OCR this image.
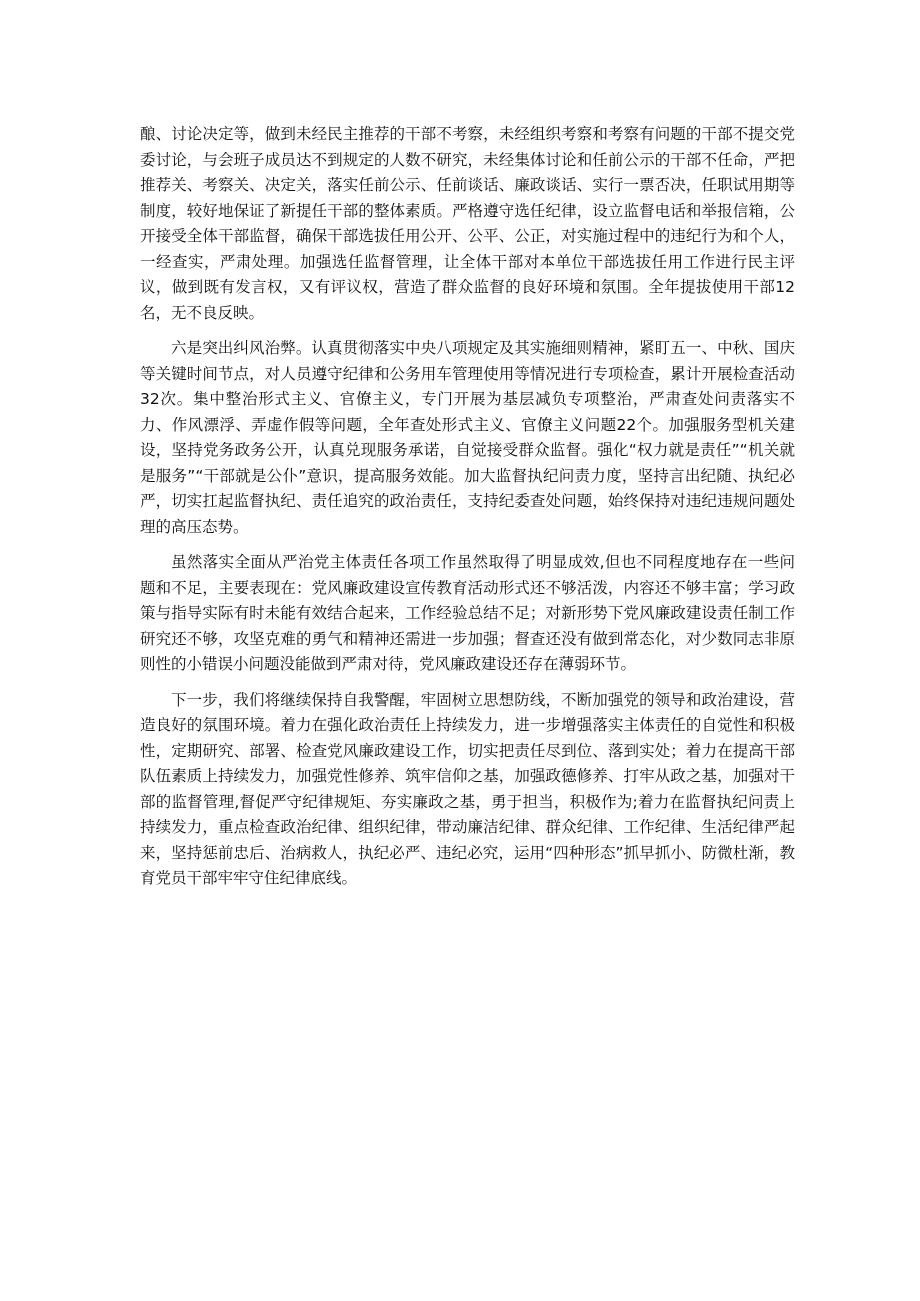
酿、讨论决定等，做到未经民主推荐的干部不考察，未经组织考察和考察有问题的干部不提交党委讨论，与会班子成员达不到规定的人数不研究，未经集体讨论和任前公示的干部不任命，严把推荐关、考察关、决定关，落实任前公示、任前谈话、廉政谈话、实行一票否决，任职试用期等制度，较好地保证了新提任干部的整体素质。严格遵守选任纪律，设立监督电话和举报信箱，公开接受全体干部监督，确保干部选拔任用公开、公平、公正，对实施过程中的违纪行为和个人，一经查实，严肃处理。加强选任监督管理，让全体干部对本单位干部选拔任用工作进行民主评议，做到既有发言权，又有评议权，营造了群众监督的良好环境和氛围。全年提拔使用干部12名，无不良反映。

六是突出纠风治弊。认真贯彻落实中央八项规定及其实施细则精神，紧盯五一、中秋、国庆等关键时间节点，对人员遵守纪律和公务用车管理使用等情况进行专项检查，累计开展检查活动32次。集中整治形式主义、官僚主义，专门开展为基层减负专项整治，严肃查处问责落实不力、作风漂浮、弄虚作假等问题，全年查处形式主义、官僚主义问题22个。加强服务型机关建设，坚持党务政务公开，认真兑现服务承诺，自觉接受群众监督。强化“权力就是责任”“机关就是服务”“干部就是公仆”意识，提高服务效能。加大监督执纪问责力度，坚持言出纪随、执纪必严，切实扛起监督执纪、责任追究的政治责任，支持纪委查处问题，始终保持对违纪违规问题处理的高压态势。

虽然落实全面从严治党主体责任各项工作虽然取得了明显成效,但也不同程度地存在一些问题和不足，主要表现在：党风廉政建设宣传教育活动形式还不够活泼，内容还不够丰富；学习政策与指导实际有时未能有效结合起来，工作经验总结不足；对新形势下党风廉政建设责任制工作研究还不够，攻坚克难的勇气和精神还需进一步加强；督查还没有做到常态化，对少数同志非原则性的小错误小问题没能做到严肃对待，党风廉政建设还存在薄弱环节。

下一步，我们将继续保持自我警醒，牢固树立思想防线，不断加强党的领导和政治建设，营造良好的氛围环境。着力在强化政治责任上持续发力，进一步增强落实主体责任的自觉性和积极性，定期研究、部署、检查党风廉政建设工作，切实把责任尽到位、落到实处；着力在提高干部队伍素质上持续发力，加强党性修养、筑牢信仰之基，加强政德修养、打牢从政之基，加强对干部的监督管理,督促严守纪律规矩、夯实廉政之基，勇于担当，积极作为;着力在监督执纪问责上持续发力，重点检查政治纪律、组织纪律，带动廉洁纪律、群众纪律、工作纪律、生活纪律严起来，坚持惩前忠后、治病救人，执纪必严、违纪必究，运用“四种形态”抓早抓小、防微杜渐，教育党员干部牢牢守住纪律底线。
